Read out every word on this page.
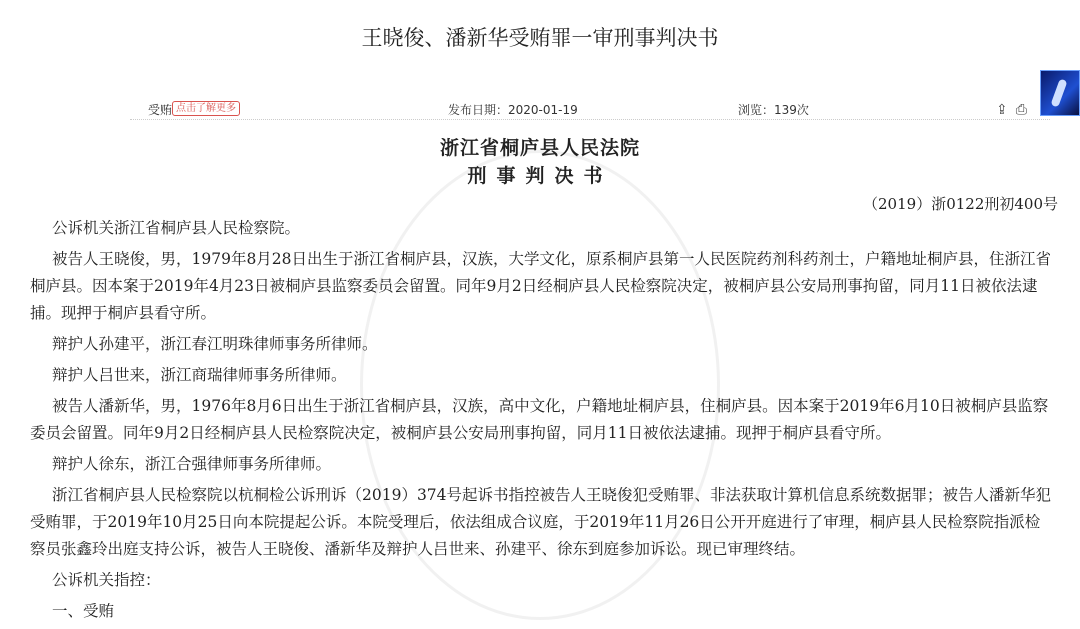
王晓俊、潘新华受贿罪一审刑事判决书
受贿 点击了解更多	发布日期：2020-01-19	浏览：139次	⇪ ⎙
浙江省桐庐县人民法院
刑事判决书
（2019）浙0122刑初400号

公诉机关浙江省桐庐县人民检察院。

被告人王晓俊，男，1979年8月28日出生于浙江省桐庐县，汉族，大学文化，原系桐庐县第一人民医院药剂科药剂士，户籍地址桐庐县，住浙江省桐庐县。因本案于2019年4月23日被桐庐县监察委员会留置。同年9月2日经桐庐县人民检察院决定，被桐庐县公安局刑事拘留，同月11日被依法逮捕。现押于桐庐县看守所。

辩护人孙建平，浙江春江明珠律师事务所律师。

辩护人吕世来，浙江商瑞律师事务所律师。

被告人潘新华，男，1976年8月6日出生于浙江省桐庐县，汉族，高中文化，户籍地址桐庐县，住桐庐县。因本案于2019年6月10日被桐庐县监察委员会留置。同年9月2日经桐庐县人民检察院决定，被桐庐县公安局刑事拘留，同月11日被依法逮捕。现押于桐庐县看守所。

辩护人徐东，浙江合强律师事务所律师。

浙江省桐庐县人民检察院以杭桐检公诉刑诉（2019）374号起诉书指控被告人王晓俊犯受贿罪、非法获取计算机信息系统数据罪；被告人潘新华犯受贿罪，于2019年10月25日向本院提起公诉。本院受理后，依法组成合议庭，于2019年11月26日公开开庭进行了审理，桐庐县人民检察院指派检察员张鑫玲出庭支持公诉，被告人王晓俊、潘新华及辩护人吕世来、孙建平、徐东到庭参加诉讼。现已审理终结。

公诉机关指控：

一、受贿
